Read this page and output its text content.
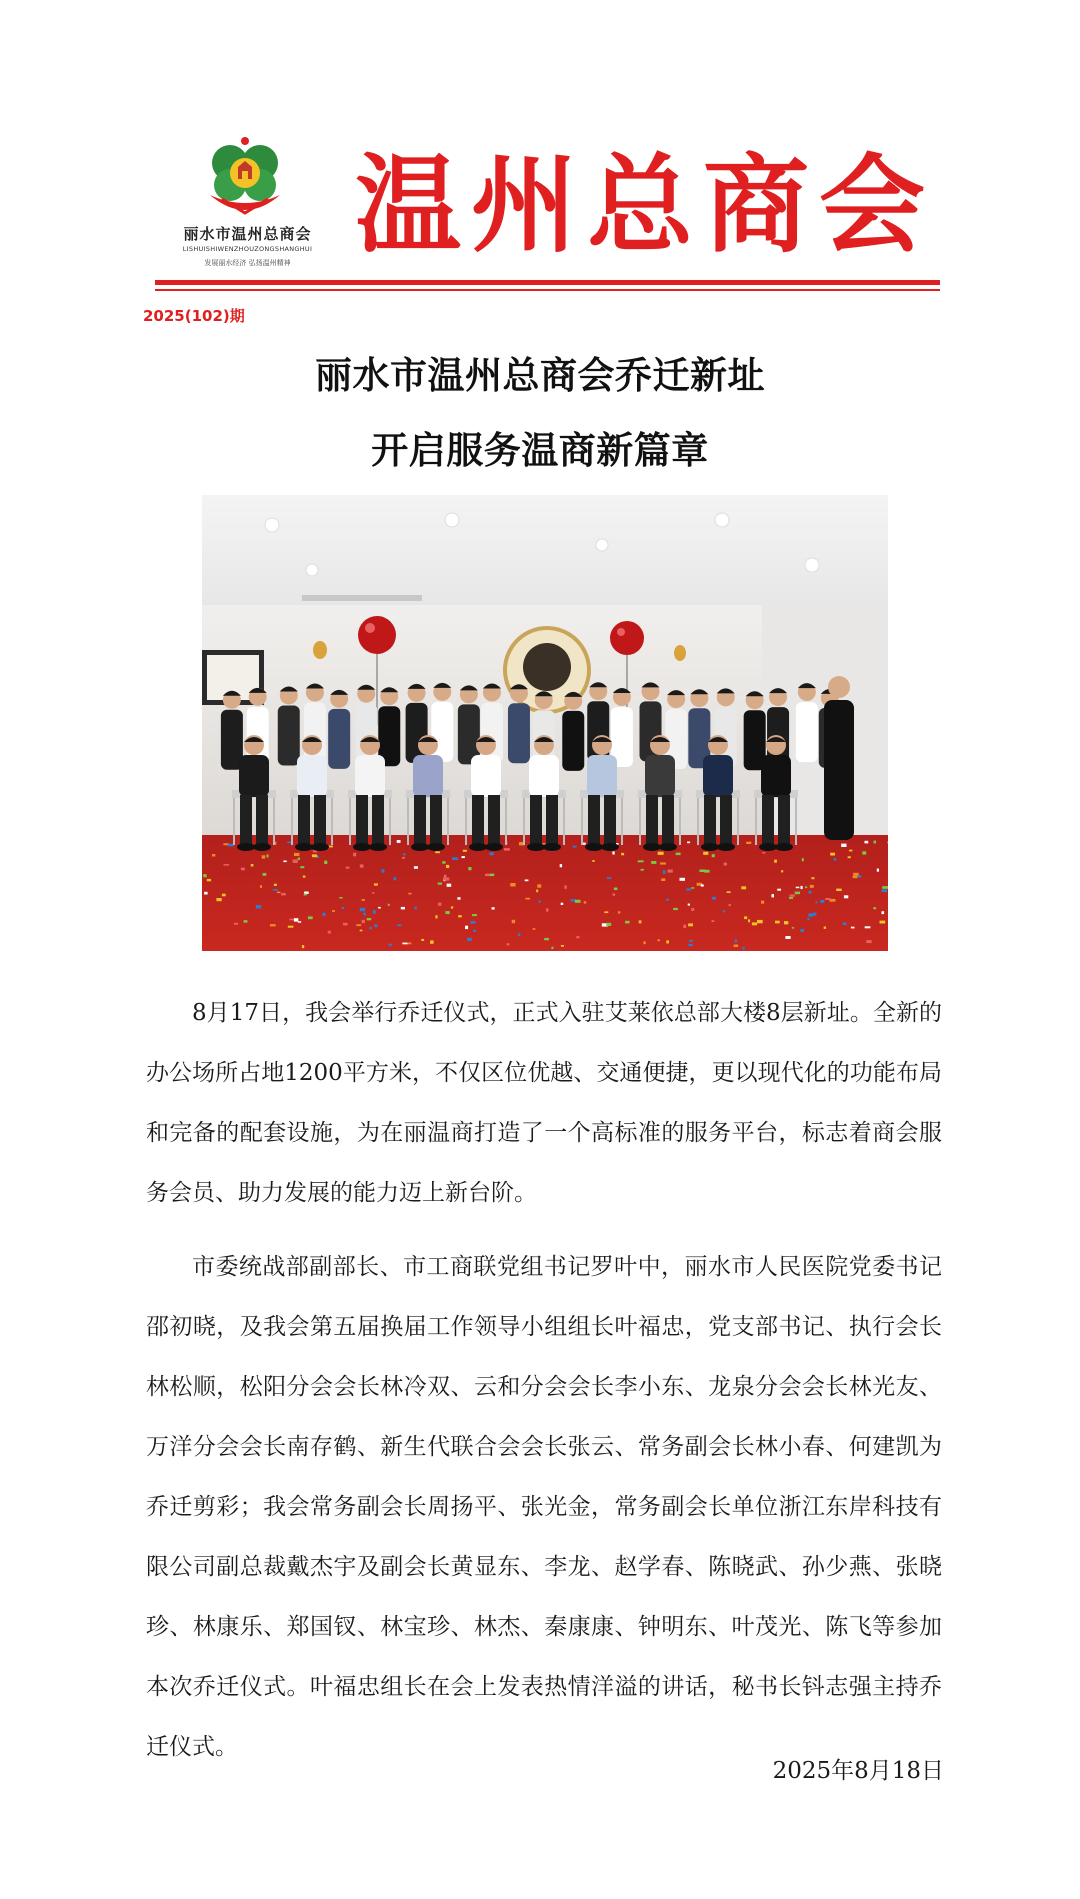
丽水市温州总商会
LISHUISHIWENZHOUZONGSHANGHUI
发展丽水经济 弘扬温州精神 温州总商会
2025(102)期
丽水市温州总商会乔迁新址
开启服务温商新篇章

8月17日，我会举行乔迁仪式，正式入驻艾莱依总部大楼8层新址。全新的办公场所占地1200平方米，不仅区位优越、交通便捷，更以现代化的功能布局和完备的配套设施，为在丽温商打造了一个高标准的服务平台，标志着商会服务会员、助力发展的能力迈上新台阶。

市委统战部副部长、市工商联党组书记罗叶中，丽水市人民医院党委书记邵初晓，及我会第五届换届工作领导小组组长叶福忠，党支部书记、执行会长林松顺，松阳分会会长林冷双、云和分会会长李小东、龙泉分会会长林光友、万洋分会会长南存鹤、新生代联合会会长张云、常务副会长林小春、何建凯为乔迁剪彩；我会常务副会长周扬平、张光金，常务副会长单位浙江东岸科技有限公司副总裁戴杰宇及副会长黄显东、李龙、赵学春、陈晓武、孙少燕、张晓珍、林康乐、郑国钗、林宝珍、林杰、秦康康、钟明东、叶茂光、陈飞等参加本次乔迁仪式。叶福忠组长在会上发表热情洋溢的讲话，秘书长钭志强主持乔迁仪式。

2025年8月18日
